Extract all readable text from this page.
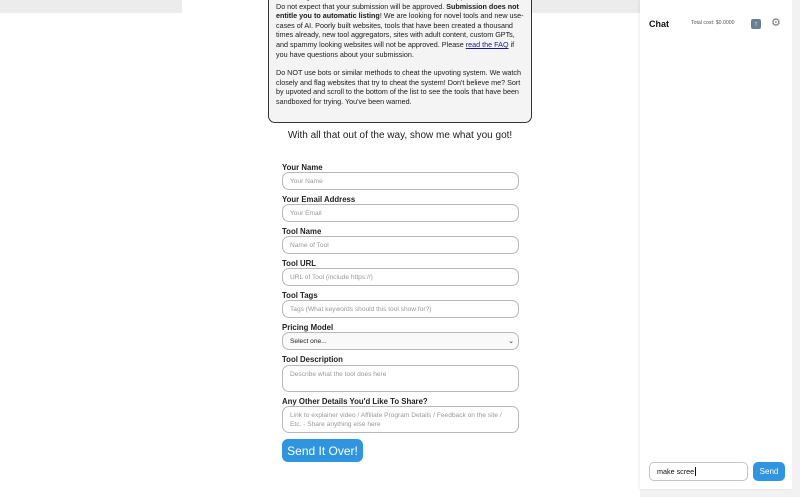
Do not expect that your submission will be approved. Submission does not entitle you to automatic listing! We are looking for novel tools and new use-cases of AI. Poorly built websites, tools that have been created a thousand times already, new tool aggregators, sites with adult content, custom GPTs, and spammy looking websites will not be approved. Please read the FAQ if you have questions about your submission.

Do NOT use bots or similar methods to cheat the upvoting system. We watch closely and flag websites that try to cheat the system! Don't believe me? Sort by upvoted and scroll to the bottom of the list to see the tools that have been sandboxed for trying. You've been warned.

With all that out of the way, show me what you got!
Your Name
Your Name
Your Email Address
Your Email
Tool Name
Name of Tool
Tool URL
URL of Tool (include https://)
Tool Tags
Tags (What keywords should this tool show for?)
Pricing Model
Select one...	⌄
Tool Description
Describe what the tool does here
Any Other Details You'd Like To Share?
Link to explainer video / Affiliate Program Details / Feedback on the site / Etc. - Share anything else here
Send It Over!
Chat	Total cost: $0.0000	↑ ⚙
make scree	Send
